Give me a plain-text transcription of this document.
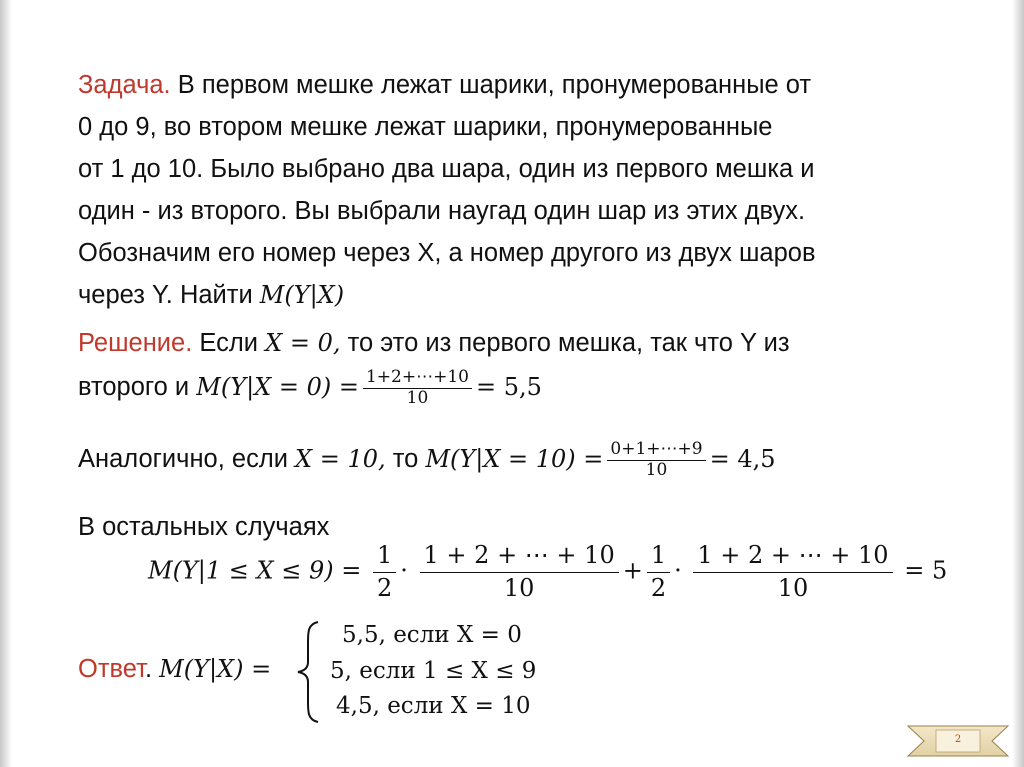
Задача. В первом мешке лежат шарики, пронумерованные от
0 до 9, во втором мешке лежат шарики, пронумерованные
от 1 до 10. Было выбрано два шара, один из первого мешка и
один - из второго. Вы выбрали наугад один шар из этих двух.
Обозначим его номер через X, а номер другого из двух шаров
через Y. Найти M(Y|X)
Решение. Если X = 0, то это из первого мешка, так что Y из
второго и $M(Y|X = 0) = \frac{1+2+\cdots+10}{10} = 5,5$
Аналогично, если X = 10, то $M(Y|X = 10) = \frac{0+1+\cdots+9}{10} = 4,5$
В остальных случаях
$M(Y|1 \le X \le 9) = \frac{1}{2} \cdot \frac{1 + 2 + \cdots + 10}{10} + \frac{1}{2} \cdot \frac{1 + 2 + \cdots + 10}{10} = 5$
Ответ. M(Y|X) =
5,5, если X = 0
5, если 1 ≤ X ≤ 9
4,5, если X = 10
2
